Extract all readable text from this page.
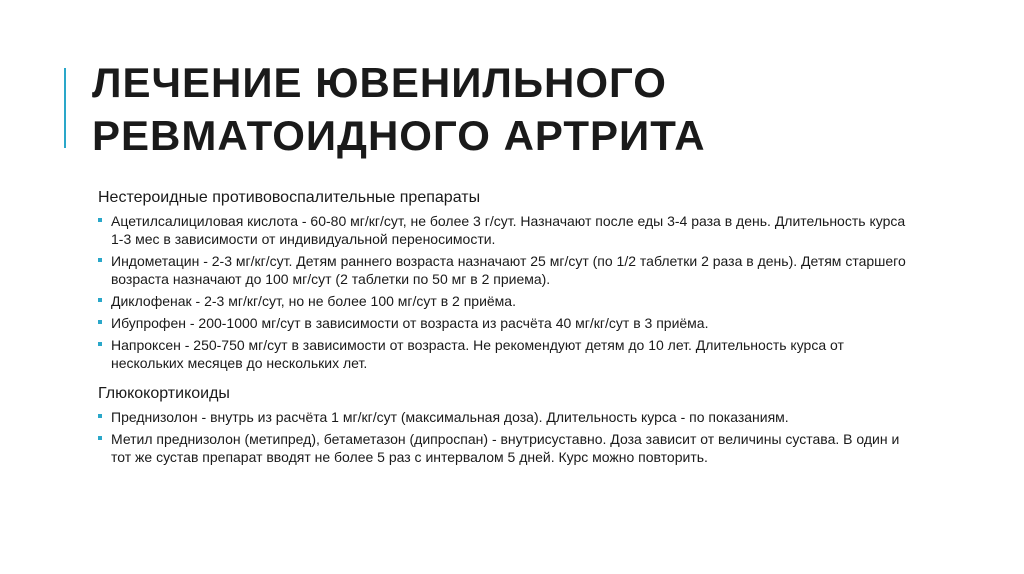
ЛЕЧЕНИЕ ЮВЕНИЛЬНОГО
РЕВМАТОИДНОГО АРТРИТА
Нестероидные противовоспалительные препараты
Ацетилсалициловая кислота - 60-80 мг/кг/сут, не более 3 г/сут. Назначают после еды 3-4 раза в день. Длительность курса 1-3 мес в зависимости от индивидуальной переносимости.
Индометацин - 2-3 мг/кг/сут. Детям раннего возраста назначают 25 мг/сут (по 1/2 таблетки 2 раза в день). Детям старшего возраста назначают до 100 мг/сут (2 таблетки по 50 мг в 2 приема).
Диклофенак - 2-3 мг/кг/сут, но не более 100 мг/сут в 2 приёма.
Ибупрофен - 200-1000 мг/сут в зависимости от возраста из расчёта 40 мг/кг/сут в 3 приёма.
Напроксен - 250-750 мг/сут в зависимости от возраста. Не рекомендуют детям до 10 лет. Длительность курса от нескольких месяцев до нескольких лет.
Глюкокортикоиды
Преднизолон - внутрь из расчёта 1 мг/кг/сут (максимальная доза). Длительность курса - по показаниям.
Метил преднизолон (метипред), бетаметазон (дипроспан) - внутрисуставно. Доза зависит от величины сустава. В один и тот же сустав препарат вводят не более 5 раз с интервалом 5 дней. Курс можно повторить.
